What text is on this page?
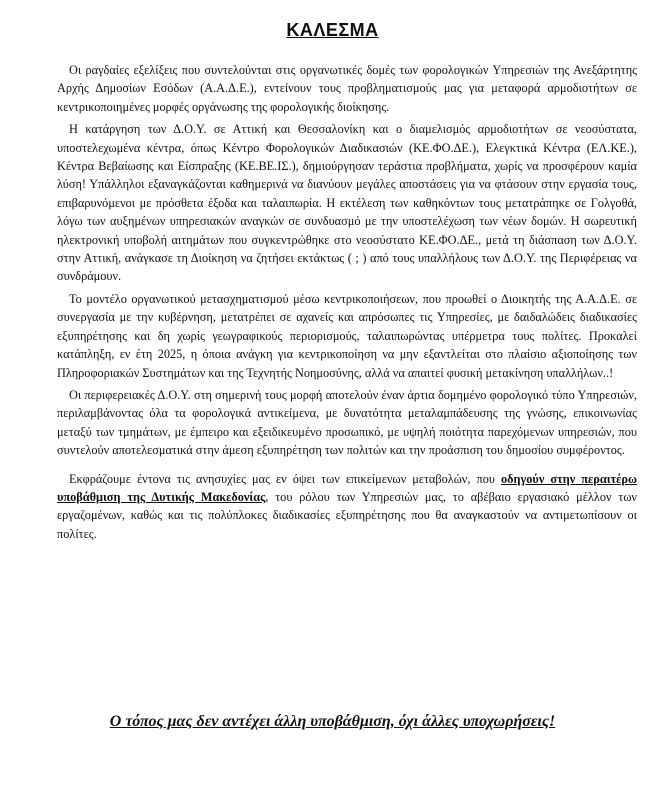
ΚΑΛΕΣΜΑ

Οι ραγδαίες εξελίξεις που συντελούνται στις οργανωτικές δομές των φορολογικών Υπηρεσιών της Ανεξάρτητης Αρχής Δημοσίων Εσόδων (Α.Α.Δ.Ε.), εντείνουν τους προβληματισμούς μας για μεταφορά αρμοδιοτήτων σε κεντρικοποιημένες μορφές οργάνωσης της φορολογικής διοίκησης.

Η κατάργηση των Δ.Ο.Υ. σε Αττική και Θεσσαλονίκη και ο διαμελισμός αρμοδιοτήτων σε νεοσύστατα, υποστελεχωμένα κέντρα, όπως Κέντρο Φορολογικών Διαδικασιών (ΚΕ.ΦΟ.ΔΕ.), Ελεγκτικά Κέντρα (ΕΛ.ΚΕ.), Κέντρα Βεβαίωσης και Είσπραξης (ΚΕ.ΒΕ.ΙΣ.), δημιούργησαν τεράστια προβλήματα, χωρίς να προσφέρουν καμία λύση! Υπάλληλοι εξαναγκάζονται καθημερινά να διανύουν μεγάλες αποστάσεις για να φτάσουν στην εργασία τους, επιβαρυνόμενοι με πρόσθετα έξοδα και ταλαιπωρία. Η εκτέλεση των καθηκόντων τους μετατράπηκε σε Γολγοθά, λόγω των αυξημένων υπηρεσιακών αναγκών σε συνδυασμό με την υποστελέχωση των νέων δομών. Η σωρευτική ηλεκτρονική υποβολή αιτημάτων που συγκεντρώθηκε στο νεοσύστατο ΚΕ.ΦΟ.ΔΕ., μετά τη διάσπαση των Δ.Ο.Υ. στην Αττική, ανάγκασε τη Διοίκηση να ζητήσει εκτάκτως ( ; ) από τους υπαλλήλους των Δ.Ο.Υ. της Περιφέρειας να συνδράμουν.

Το μοντέλο οργανωτικού μετασχηματισμού μέσω κεντρικοποιήσεων, που προωθεί ο Διοικητής της Α.Α.Δ.Ε. σε συνεργασία με την κυβέρνηση, μετατρέπει σε αχανείς και απρόσωπες τις Υπηρεσίες, με δαιδαλώδεις διαδικασίες εξυπηρέτησης και δη χωρίς γεωγραφικούς περιορισμούς, ταλαιπωρώντας υπέρμετρα τους πολίτες. Προκαλεί κατάπληξη, εν έτη 2025, η όποια ανάγκη για κεντρικοποίηση να μην εξαντλείται στο πλαίσιο αξιοποίησης των Πληροφοριακών Συστημάτων και της Τεχνητής Νοημοσύνης, αλλά να απαιτεί φυσική μετακίνηση υπαλλήλων..!

Οι περιφερειακές Δ.Ο.Υ. στη σημερινή τους μορφή αποτελούν έναν άρτια δομημένο φορολογικό τύπο Υπηρεσιών, περιλαμβάνοντας όλα τα φορολογικά αντικείμενα, με δυνατότητα μεταλαμπάδευσης της γνώσης, επικοινωνίας μεταξύ των τμημάτων, με έμπειρο και εξειδικευμένο προσωπικό, με υψηλή ποιότητα παρεχόμενων υπηρεσιών, που συντελούν αποτελεσματικά στην άμεση εξυπηρέτηση των πολιτών και την προάσπιση του δημοσίου συμφέροντος.

Εκφράζουμε έντονα τις ανησυχίες μας εν όψει των επικείμενων μεταβολών, που οδηγούν στην περαιτέρω υποβάθμιση της Δυτικής Μακεδονίας, του ρόλου των Υπηρεσιών μας, το αβέβαιο εργασιακό μέλλον των εργαζομένων, καθώς και τις πολύπλοκες διαδικασίες εξυπηρέτησης που θα αναγκαστούν να αντιμετωπίσουν οι πολίτες.

Ο τόπος μας δεν αντέχει άλλη υποβάθμιση, όχι άλλες υποχωρήσεις!
